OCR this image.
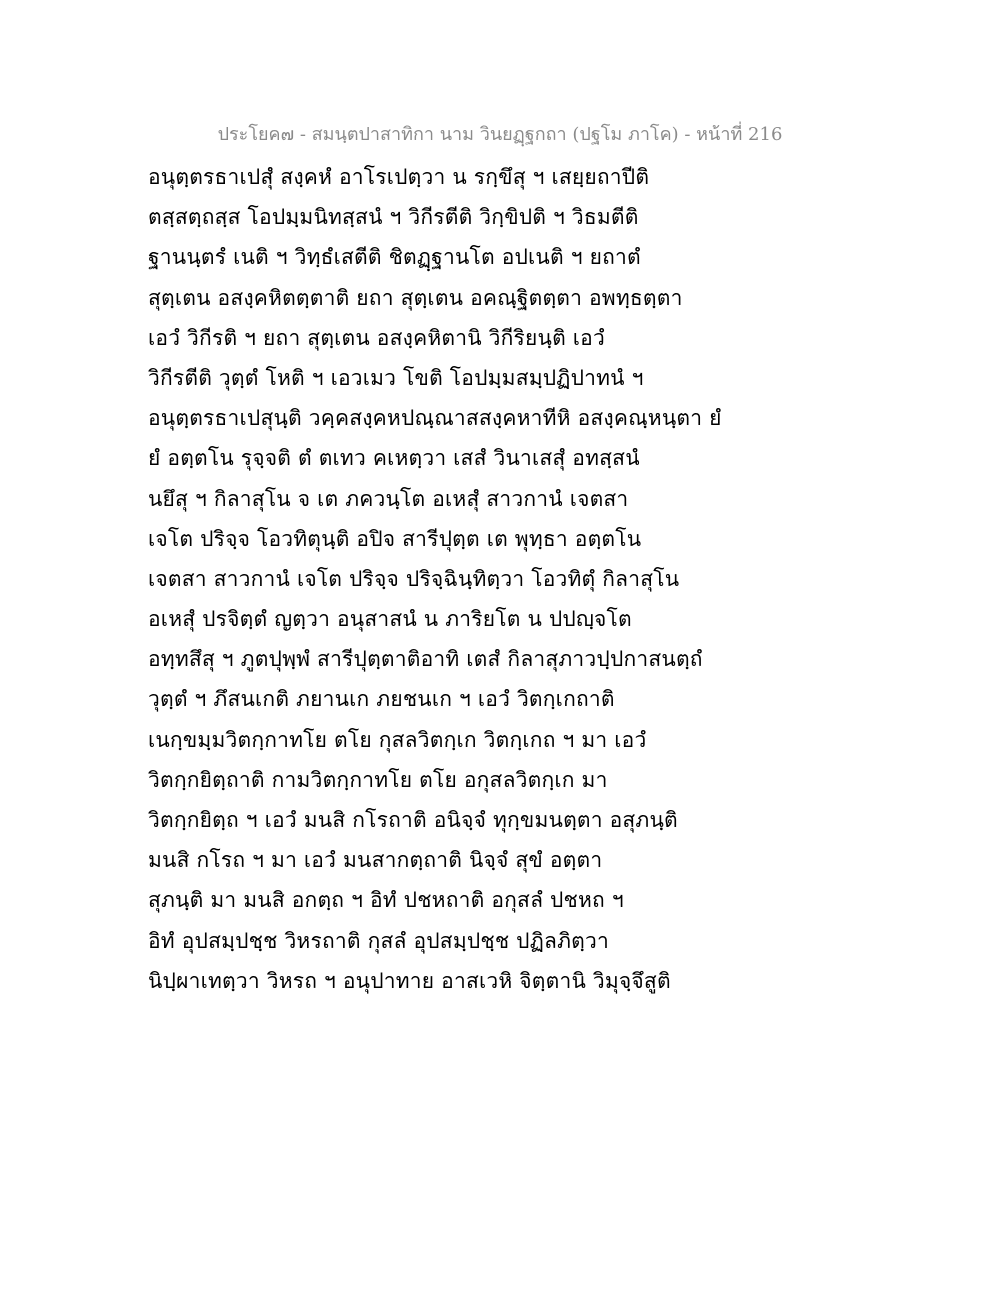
ประโยค๗ - สมนฺตปาสาทิกา นาม วินยฏฺฐกถา (ปฐโม ภาโค) - หน้าที่ 216
อนุตฺตรธาเปสุํ สงฺคหํ อาโรเปตฺวา น รกฺขึสุ ฯ เสยฺยถาปีติ
ตสฺสตฺถสฺส โอปมฺมนิทสฺสนํ ฯ วิกีรตีติ วิกฺขิปติ ฯ วิธมตีติ
ฐานนฺตรํ เนติ ฯ วิทฺธํเสตีติ ชิตฏฺฐานโต อปเนติ ฯ ยถาตํ
สุตฺเตน อสงฺคหิตตฺตาติ ยถา สุตฺเตน อคณฺฐิตตฺตา อพทฺธตฺตา
เอวํ วิกีรติ ฯ ยถา สุตฺเตน อสงฺคหิตานิ วิกีริยนฺติ เอวํ
วิกีรตีติ วุตฺตํ โหติ ฯ เอวเมว โขติ โอปมฺมสมฺปฏิปาทนํ ฯ
อนุตฺตรธาเปสุนฺติ วคฺคสงฺคหปณฺณาสสงฺคหาทีหิ อสงฺคณฺหนฺตา ยํ
ยํ อตฺตโน รุจฺจติ ตํ ตเทว คเหตฺวา เสสํ วินาเสสุํ อทสฺสนํ
นยึสุ ฯ กิลาสุโน จ เต ภควนฺโต อเหสุํ สาวกานํ เจตสา
เจโต ปริจฺจ โอวทิตุนฺติ อปิจ สารีปุตฺต เต พุทฺธา อตฺตโน
เจตสา สาวกานํ เจโต ปริจฺจ ปริจฺฉินฺทิตฺวา โอวทิตุํ กิลาสุโน
อเหสุํ ปรจิตฺตํ ญตฺวา อนุสาสนํ น ภาริยโต น ปปญฺจโต
อทฺทสึสุ ฯ ภูตปุพฺพํ สารีปุตฺตาติอาทิ เตสํ กิลาสุภาวปฺปกาสนตฺถํ
วุตฺตํ ฯ ภึสนเกติ ภยานเก ภยชนเก ฯ เอวํ วิตกฺเกถาติ
เนกฺขมฺมวิตกฺกาทโย ตโย กุสลวิตกฺเก วิตกฺเกถ ฯ มา เอวํ
วิตกฺกยิตฺถาติ กามวิตกฺกาทโย ตโย อกุสลวิตกฺเก มา
วิตกฺกยิตฺถ ฯ เอวํ มนสิ กโรถาติ อนิจฺจํ ทุกฺขมนตฺตา อสุภนฺติ
มนสิ กโรถ ฯ มา เอวํ มนสากตฺถาติ นิจฺจํ สุขํ อตฺตา
สุภนฺติ มา มนสิ อกตฺถ ฯ อิทํ ปชหถาติ อกุสลํ ปชหถ ฯ
อิทํ อุปสมฺปชฺช วิหรถาติ กุสลํ อุปสมฺปชฺช ปฏิลภิตฺวา
นิปฺผาเทตฺวา วิหรถ ฯ อนุปาทาย อาสเวหิ จิตฺตานิ วิมุจฺจึสูติ
